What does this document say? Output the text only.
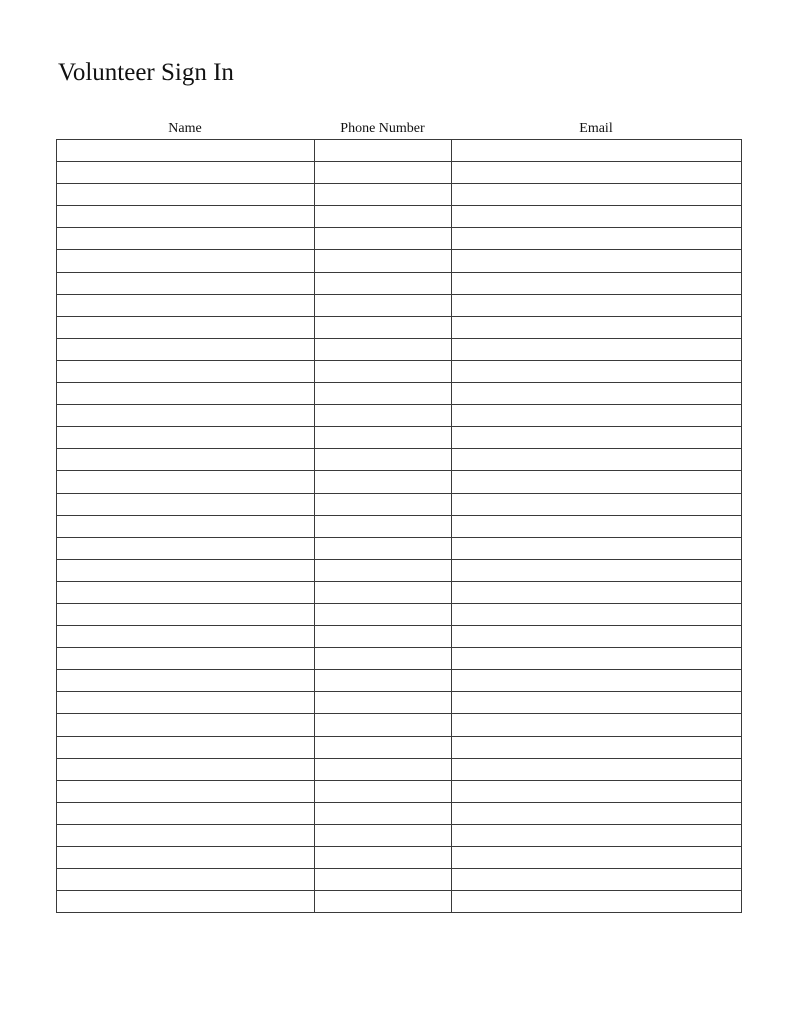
Volunteer Sign In
Name	Phone Number	Email
